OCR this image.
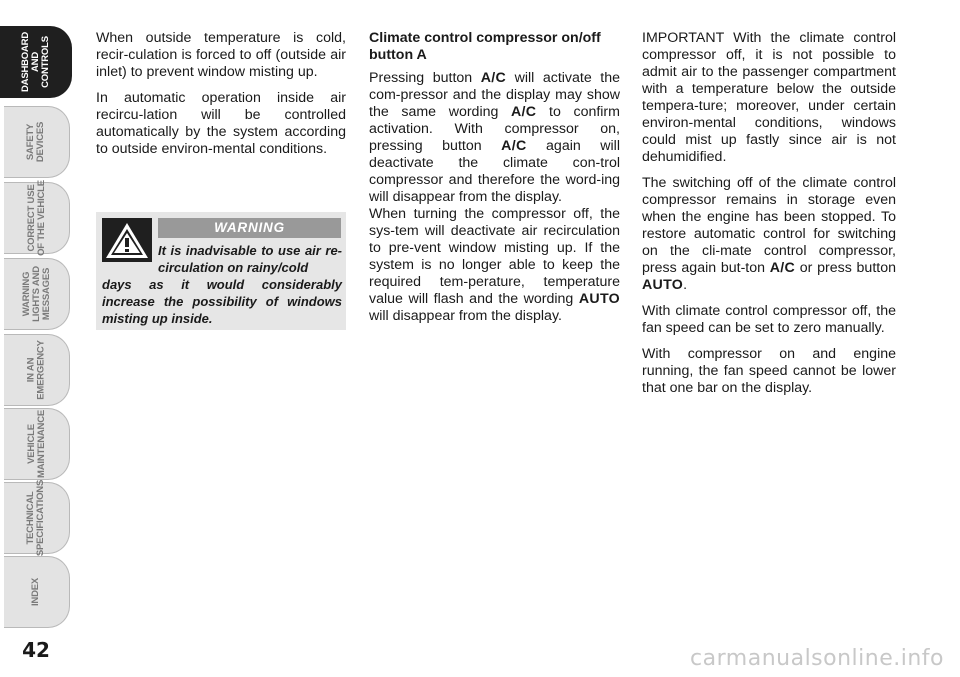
DASHBOARD
AND
CONTROLS
SAFETY
DEVICES
CORRECT USE
OF THE VEHICLE
WARNING
LIGHTS AND
MESSAGES
IN AN
EMERGENCY
VEHICLE
MAINTENANCE
TECHNICAL
SPECIFICATIONS
INDEX
42

When outside temperature is cold, recir-culation is forced to off (outside air inlet) to prevent window misting up.

In automatic operation inside air recircu-lation will be controlled automatically by the system according to outside environ-mental conditions.

WARNING
It is inadvisable to use air re-circulation on rainy/cold
days as it would considerably increase the possibility of windows misting up inside.

Climate control compressor on/off button A

Pressing button A/C will activate the com-pressor and the display may show the same wording A/C to confirm activation. With compressor on, pressing button A/C again will deactivate the climate con-trol compressor and therefore the word-ing will disappear from the display.

When turning the compressor off, the sys-tem will deactivate air recirculation to pre-vent window misting up. If the system is no longer able to keep the required tem-perature, temperature value will flash and the wording AUTO will disappear from the display.

IMPORTANT With the climate control compressor off, it is not possible to admit air to the passenger compartment with a temperature below the outside tempera-ture; moreover, under certain environ-mental conditions, windows could mist up fastly since air is not dehumidified.

The switching off of the climate control compressor remains in storage even when the engine has been stopped. To restore automatic control for switching on the cli-mate control compressor, press again but-ton A/C or press button AUTO.

With climate control compressor off, the fan speed can be set to zero manually.

With compressor on and engine running, the fan speed cannot be lower that one bar on the display.

carmanualsonline.info
